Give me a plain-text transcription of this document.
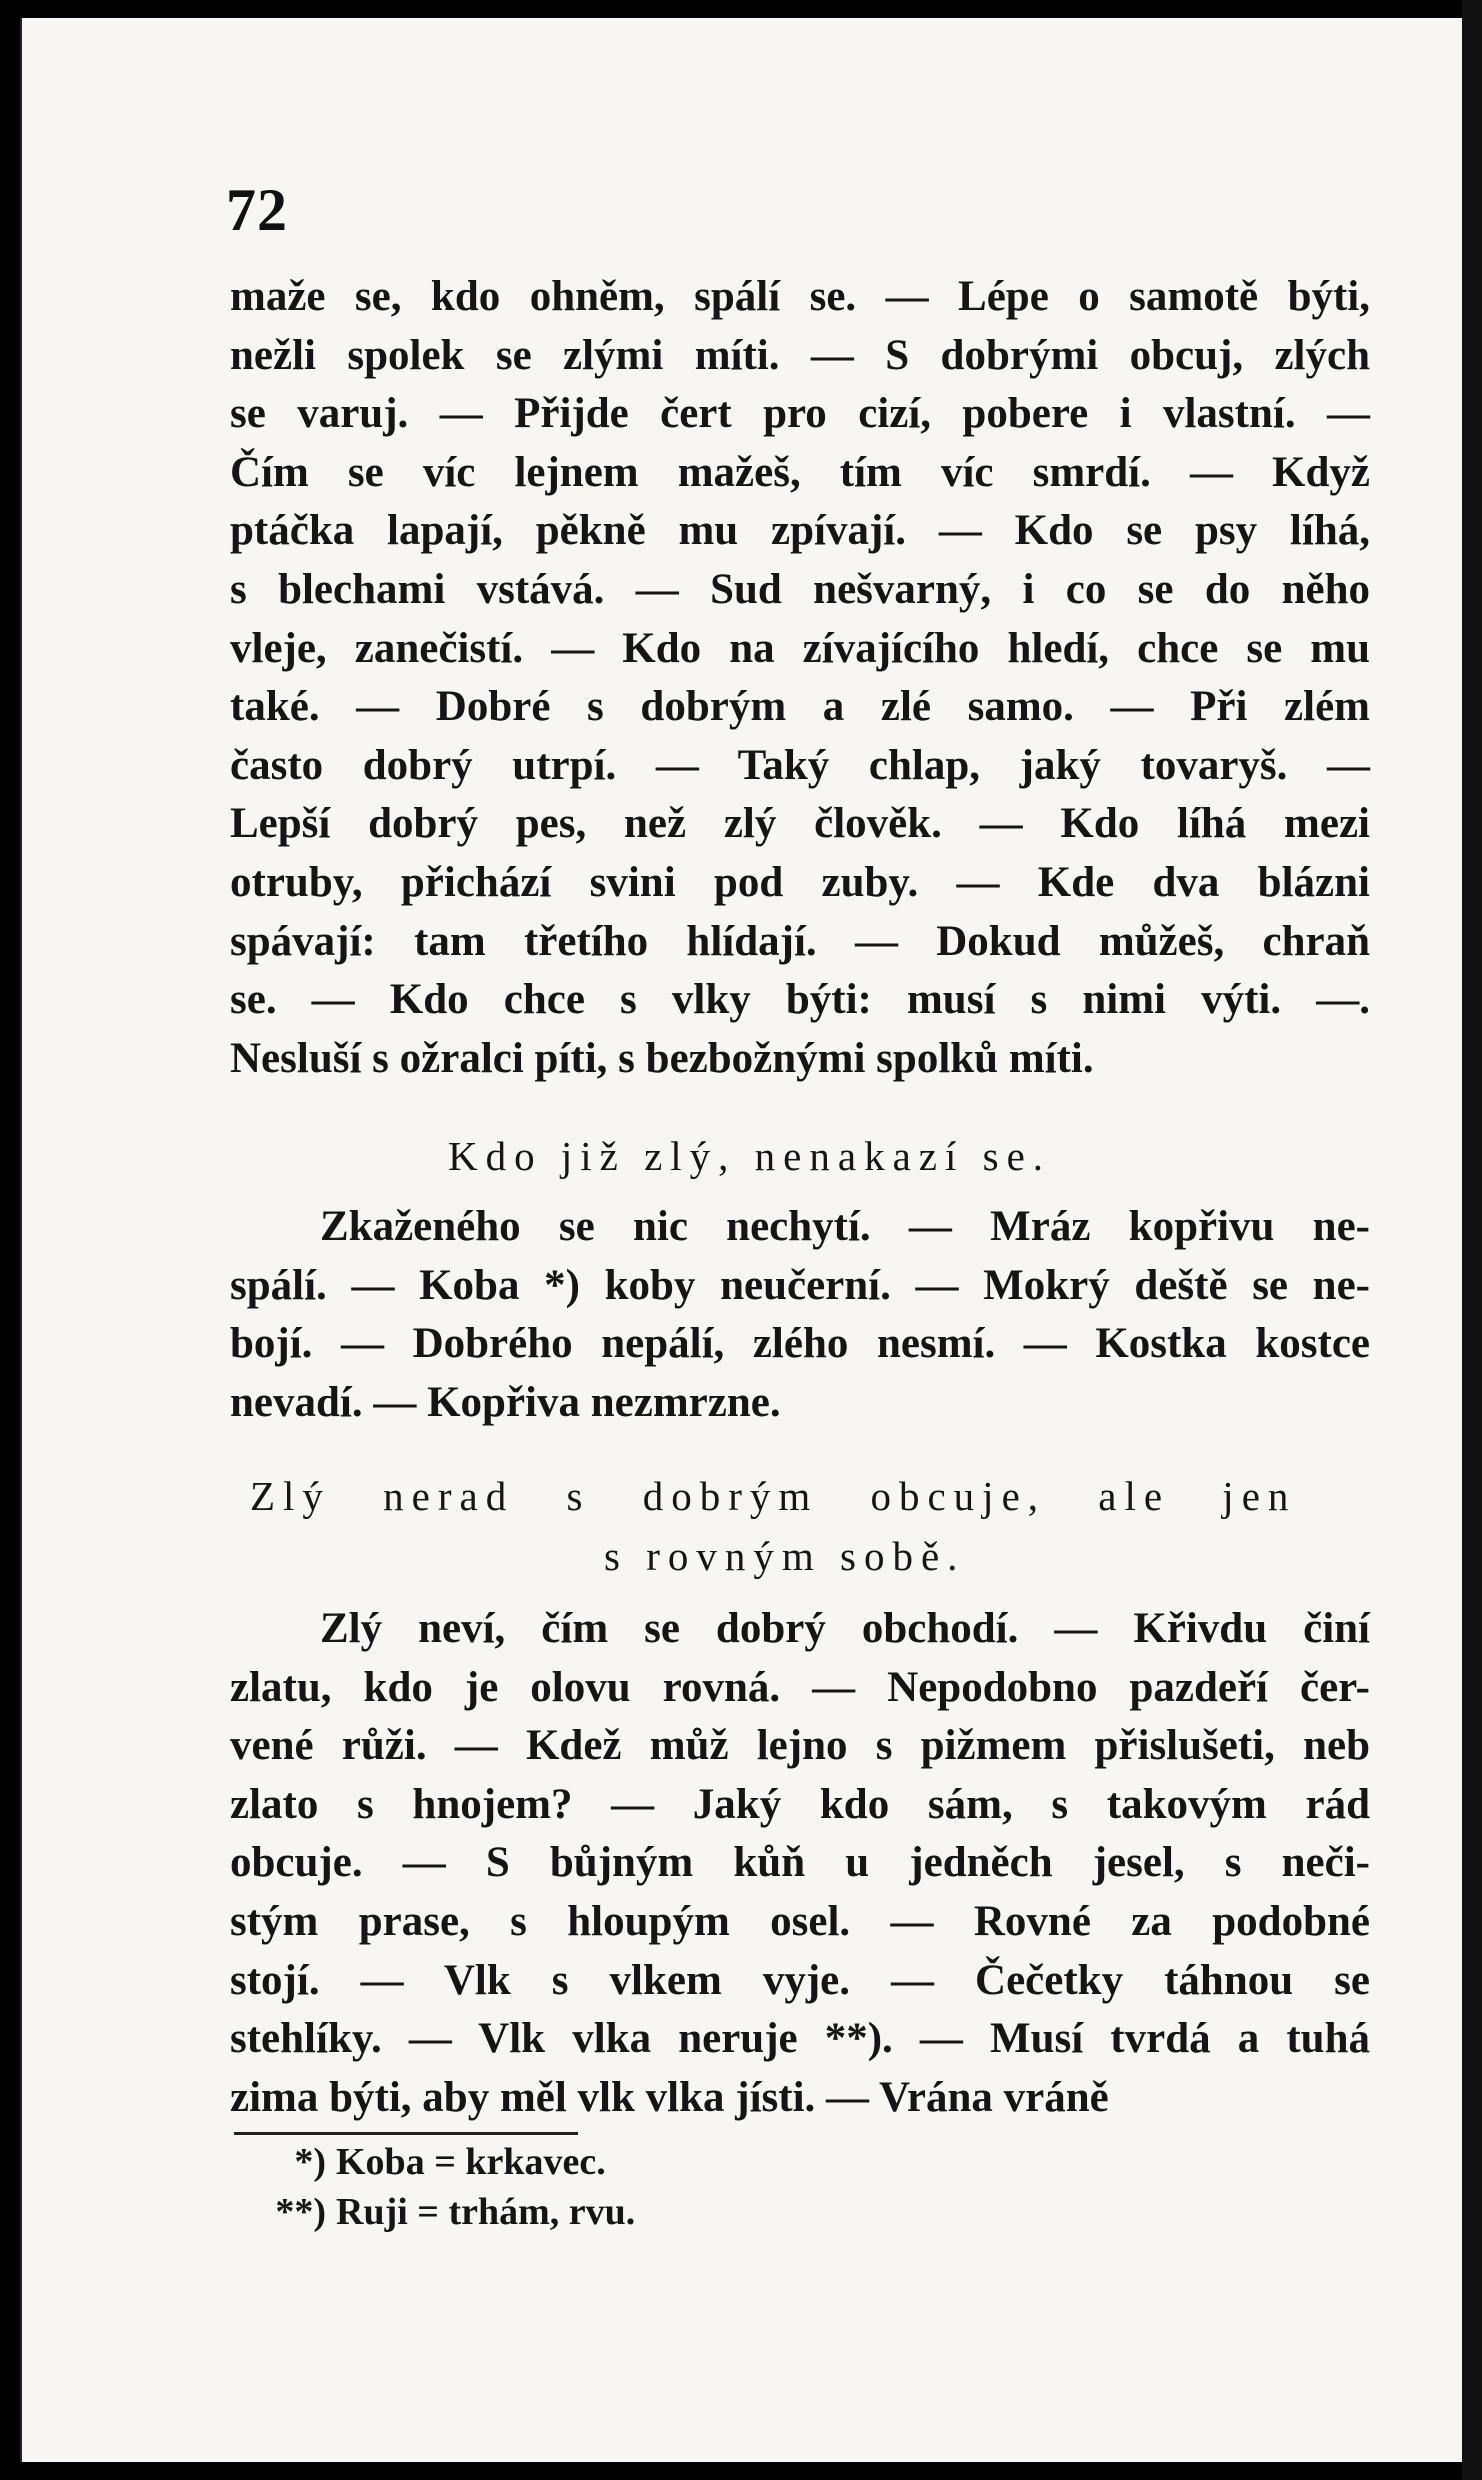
72
maže se, kdo ohněm, spálí se. — Lépe o samotě býti,
nežli spolek se zlými míti. — S dobrými obcuj, zlých
se varuj. — Přijde čert pro cizí, pobere i vlastní. —
Čím se víc lejnem mažeš, tím víc smrdí. — Když
ptáčka lapají, pěkně mu zpívají. — Kdo se psy líhá,
s blechami vstává. — Sud nešvarný, i co se do něho
vleje, zanečistí. — Kdo na zívajícího hledí, chce se mu
také. — Dobré s dobrým a zlé samo. — Při zlém
často dobrý utrpí. — Taký chlap, jaký tovaryš. —
Lepší dobrý pes, než zlý člověk. — Kdo líhá mezi
otruby, přichází svini pod zuby. — Kde dva blázni
spávají: tam třetího hlídají. — Dokud můžeš, chraň
se. — Kdo chce s vlky býti: musí s nimi výti. —.
Nesluší s ožralci píti, s bezbožnými spolků míti.
Kdo již zlý, nenakazí se.
Zkaženého se nic nechytí. — Mráz kopřivu ne-
spálí. — Koba *) koby neučerní. — Mokrý deště se ne-
bojí. — Dobrého nepálí, zlého nesmí. — Kostka kostce
nevadí. — Kopřiva nezmrzne.
Zlý nerad s dobrým obcuje, ale jen
s rovným sobě.
Zlý neví, čím se dobrý obchodí. — Křivdu činí
zlatu, kdo je olovu rovná. — Nepodobno pazdeří čer-
vené růži. — Kdež můž lejno s pižmem přislušeti, neb
zlato s hnojem? — Jaký kdo sám, s takovým rád
obcuje. — S bůjným kůň u jedněch jesel, s neči-
stým prase, s hloupým osel. — Rovné za podobné
stojí. — Vlk s vlkem vyje. — Čečetky táhnou se
stehlíky. — Vlk vlka neruje **). — Musí tvrdá a tuhá
zima býti, aby měl vlk vlka jísti. — Vrána vráně
*) Koba = krkavec.
**) Ruji = trhám, rvu.
